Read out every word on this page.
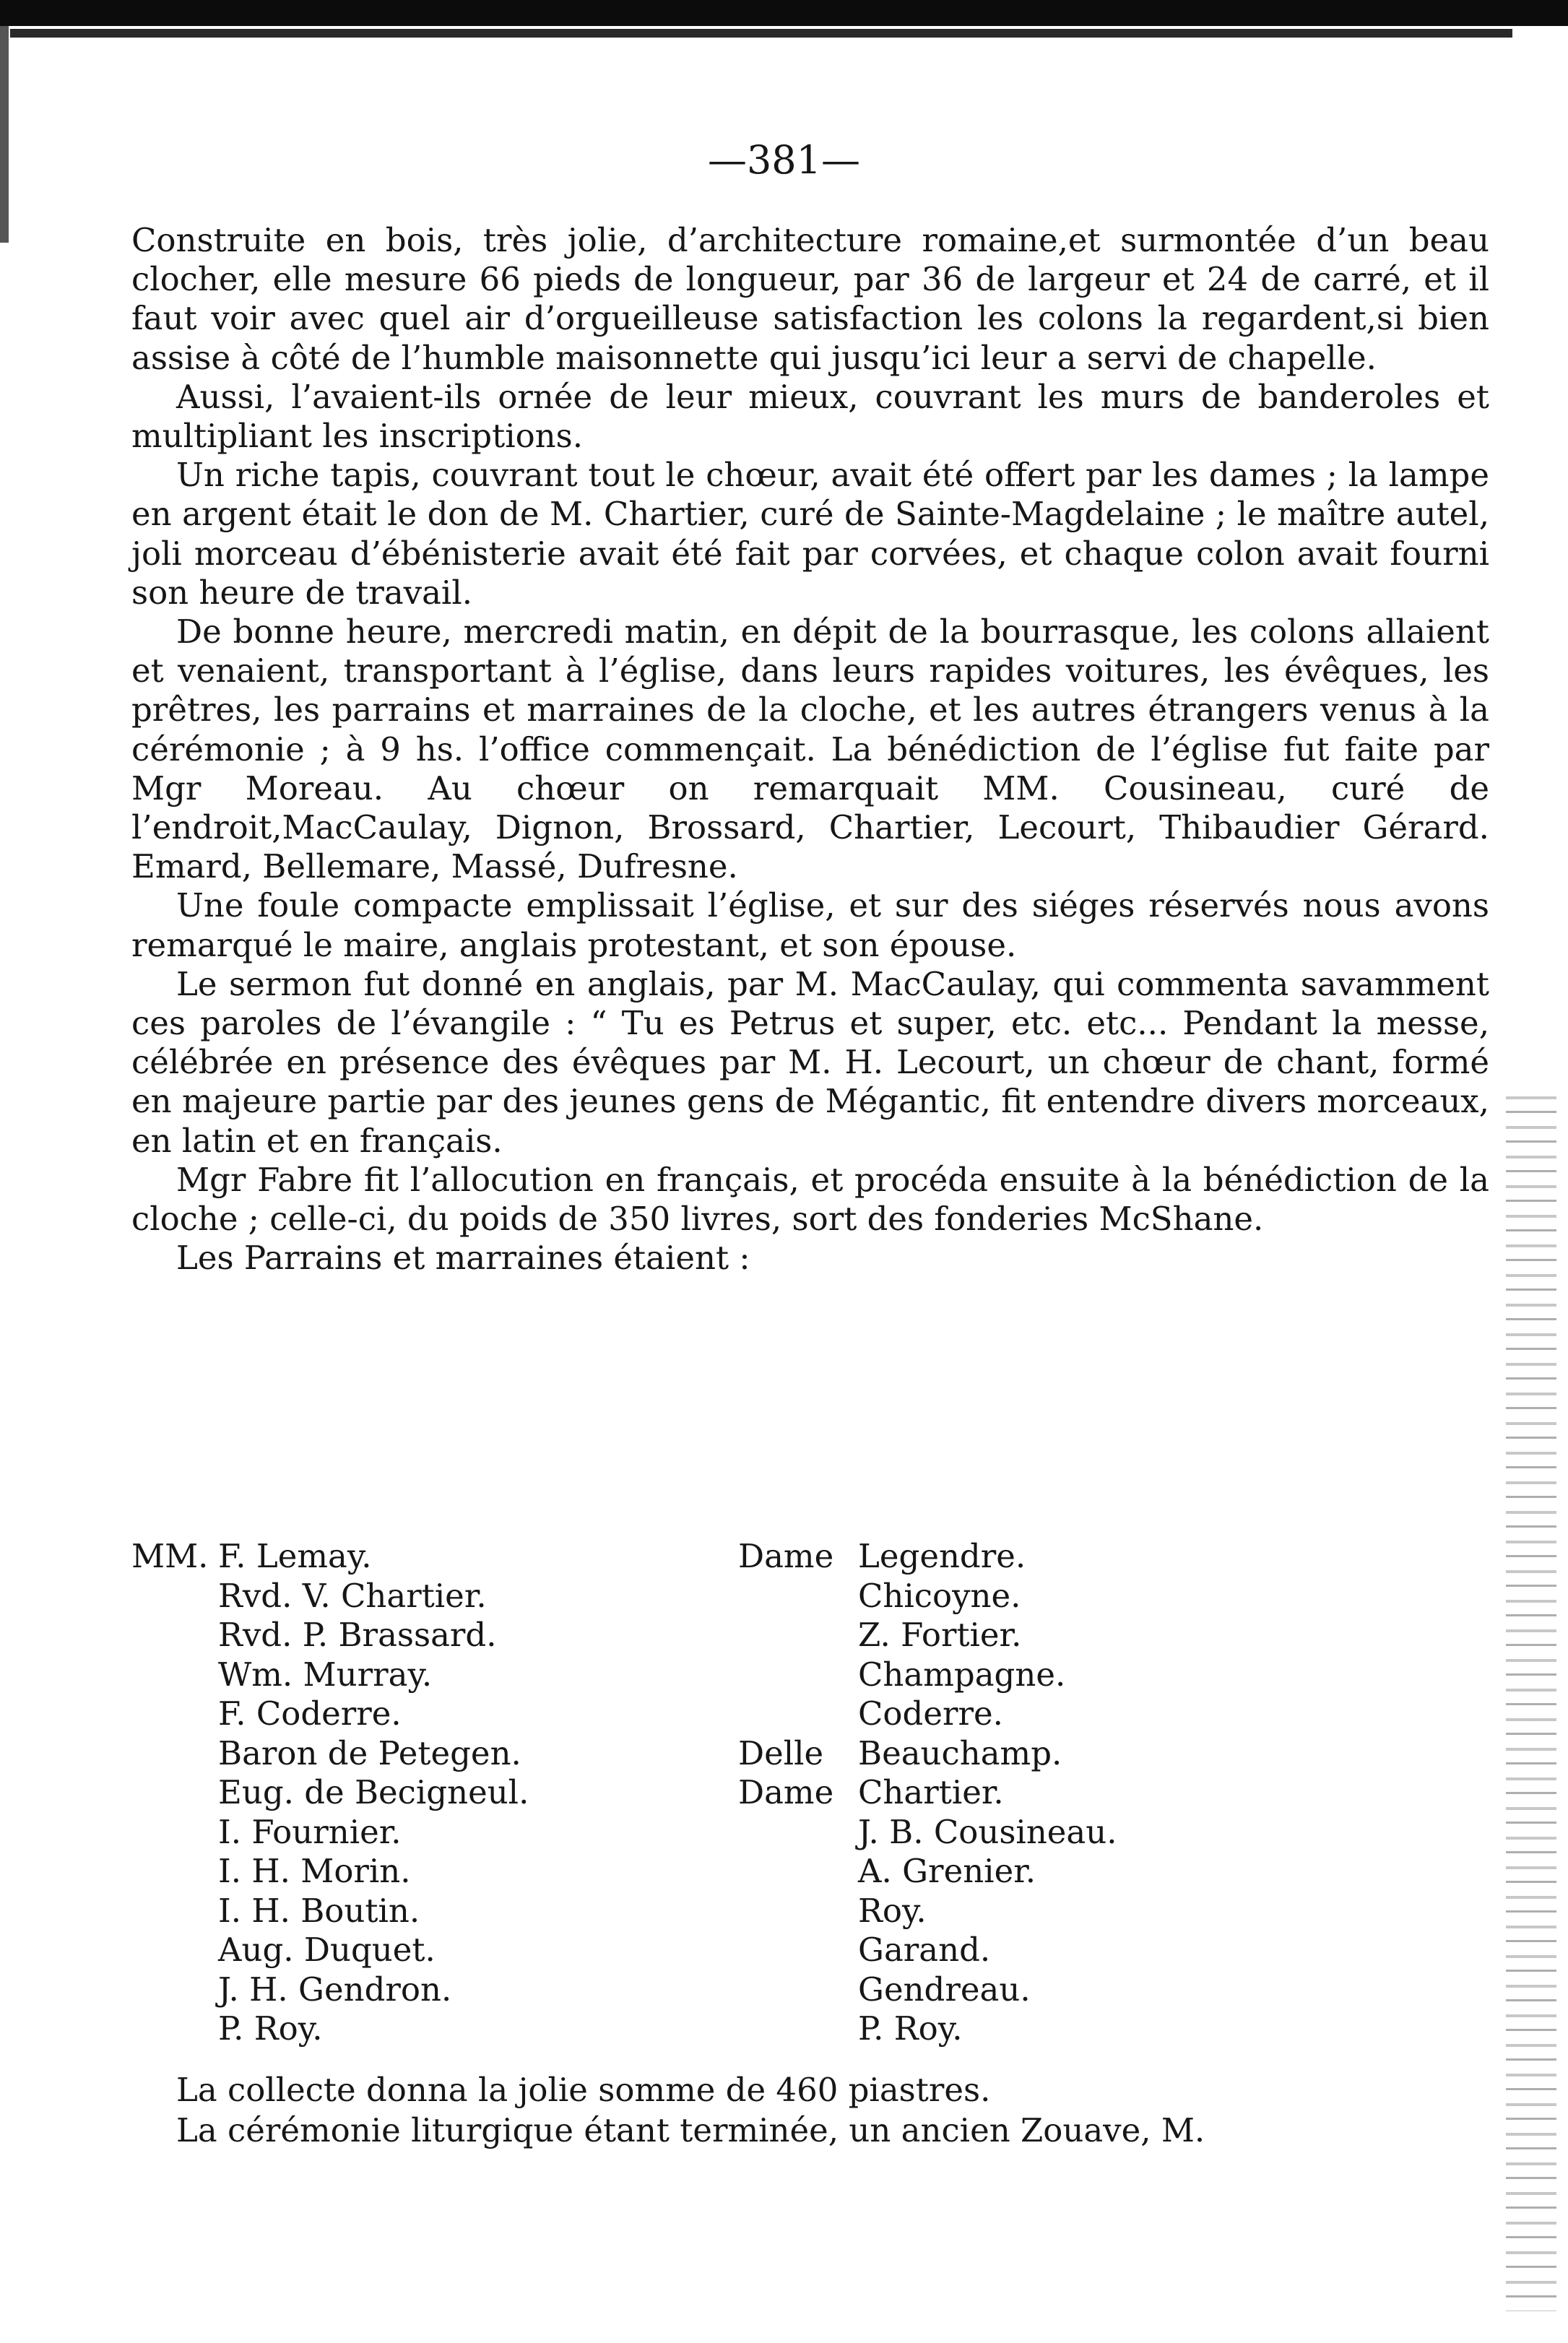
—381—

Construite en bois, très jolie, d’architecture romaine,et surmontée d’un beau clocher, elle mesure 66 pieds de longueur, par 36 de largeur et 24 de carré, et il faut voir avec quel air d’orgueilleuse satisfaction les colons la regardent,si bien assise à côté de l’humble maisonnette qui jusqu’ici leur a servi de chapelle.

Aussi, l’avaient-ils ornée de leur mieux, couvrant les murs de banderoles et multipliant les inscriptions.

Un riche tapis, couvrant tout le chœur, avait été offert par les dames ; la lampe en argent était le don de M. Chartier, curé de Sainte-Magdelaine ; le maître autel, joli morceau d’ébénisterie avait été fait par corvées, et chaque colon avait fourni son heure de travail.

De bonne heure, mercredi matin, en dépit de la bourrasque, les colons allaient et venaient, transportant à l’église, dans leurs rapides voitures, les évêques, les prêtres, les parrains et marraines de la cloche, et les autres étrangers venus à la cérémonie ; à 9 hs. l’office commençait. La bénédiction de l’église fut faite par Mgr Moreau. Au chœur on remarquait MM. Cousineau, curé de l’endroit,MacCaulay, Dignon, Brossard, Chartier, Lecourt, Thibaudier Gérard. Emard, Bellemare, Massé, Dufresne.

Une foule compacte emplissait l’église, et sur des siéges réservés nous avons remarqué le maire, anglais protestant, et son épouse.

Le sermon fut donné en anglais, par M. MacCaulay, qui commenta savamment ces paroles de l’évangile : “ Tu es Petrus et super, etc. etc... Pendant la messe, célébrée en présence des évêques par M. H. Lecourt, un chœur de chant, formé en majeure partie par des jeunes gens de Mégantic, fit entendre divers morceaux, en latin et en français.

Mgr Fabre fit l’allocution en français, et procéda ensuite à la bénédiction de la cloche ; celle-ci, du poids de 350 livres, sort des fonderies McShane.

Les Parrains et marraines étaient :

MM. F. Lemay.	Dame Legendre.
Rvd. V. Chartier.	Chicoyne.
Rvd. P. Brassard.	Z. Fortier.
Wm. Murray.	Champagne.
F. Coderre.	Coderre.
Baron de Petegen.	Delle Beauchamp.
Eug. de Becigneul.	Dame Chartier.
I. Fournier.	J. B. Cousineau.
I. H. Morin.	A. Grenier.
I. H. Boutin.	Roy.
Aug. Duquet.	Garand.
J. H. Gendron.	Gendreau.
P. Roy.	P. Roy.

La collecte donna la jolie somme de 460 piastres.

La cérémonie liturgique étant terminée, un ancien Zouave, M.
